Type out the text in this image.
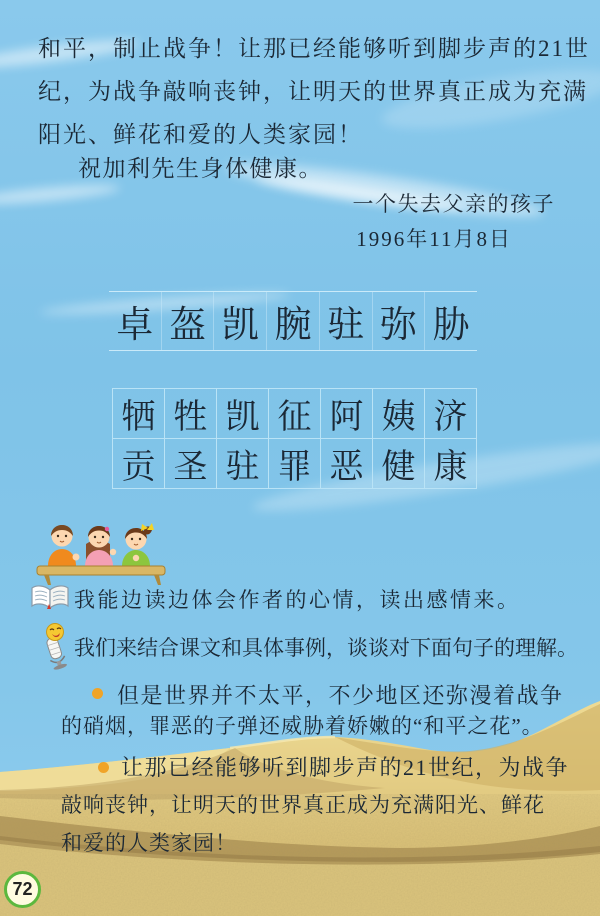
和平，制止战争！让那已经能够听到脚步声的21世
纪，为战争敲响丧钟，让明天的世界真正成为充满
阳光、鲜花和爱的人类家园！
祝加利先生身体健康。
一个失去父亲的孩子
1996年11月8日
卓 盔 凯 腕 驻 弥 胁
牺 牲 凯 征 阿 姨 济
贡 圣 驻 罪 恶 健 康
我能边读边体会作者的心情，读出感情来。
我们来结合课文和具体事例，谈谈对下面句子的理解。
但是世界并不太平，不少地区还弥漫着战争
的硝烟，罪恶的子弹还威胁着娇嫩的“和平之花”。
让那已经能够听到脚步声的21世纪，为战争
敲响丧钟，让明天的世界真正成为充满阳光、鲜花
和爱的人类家园！
72
